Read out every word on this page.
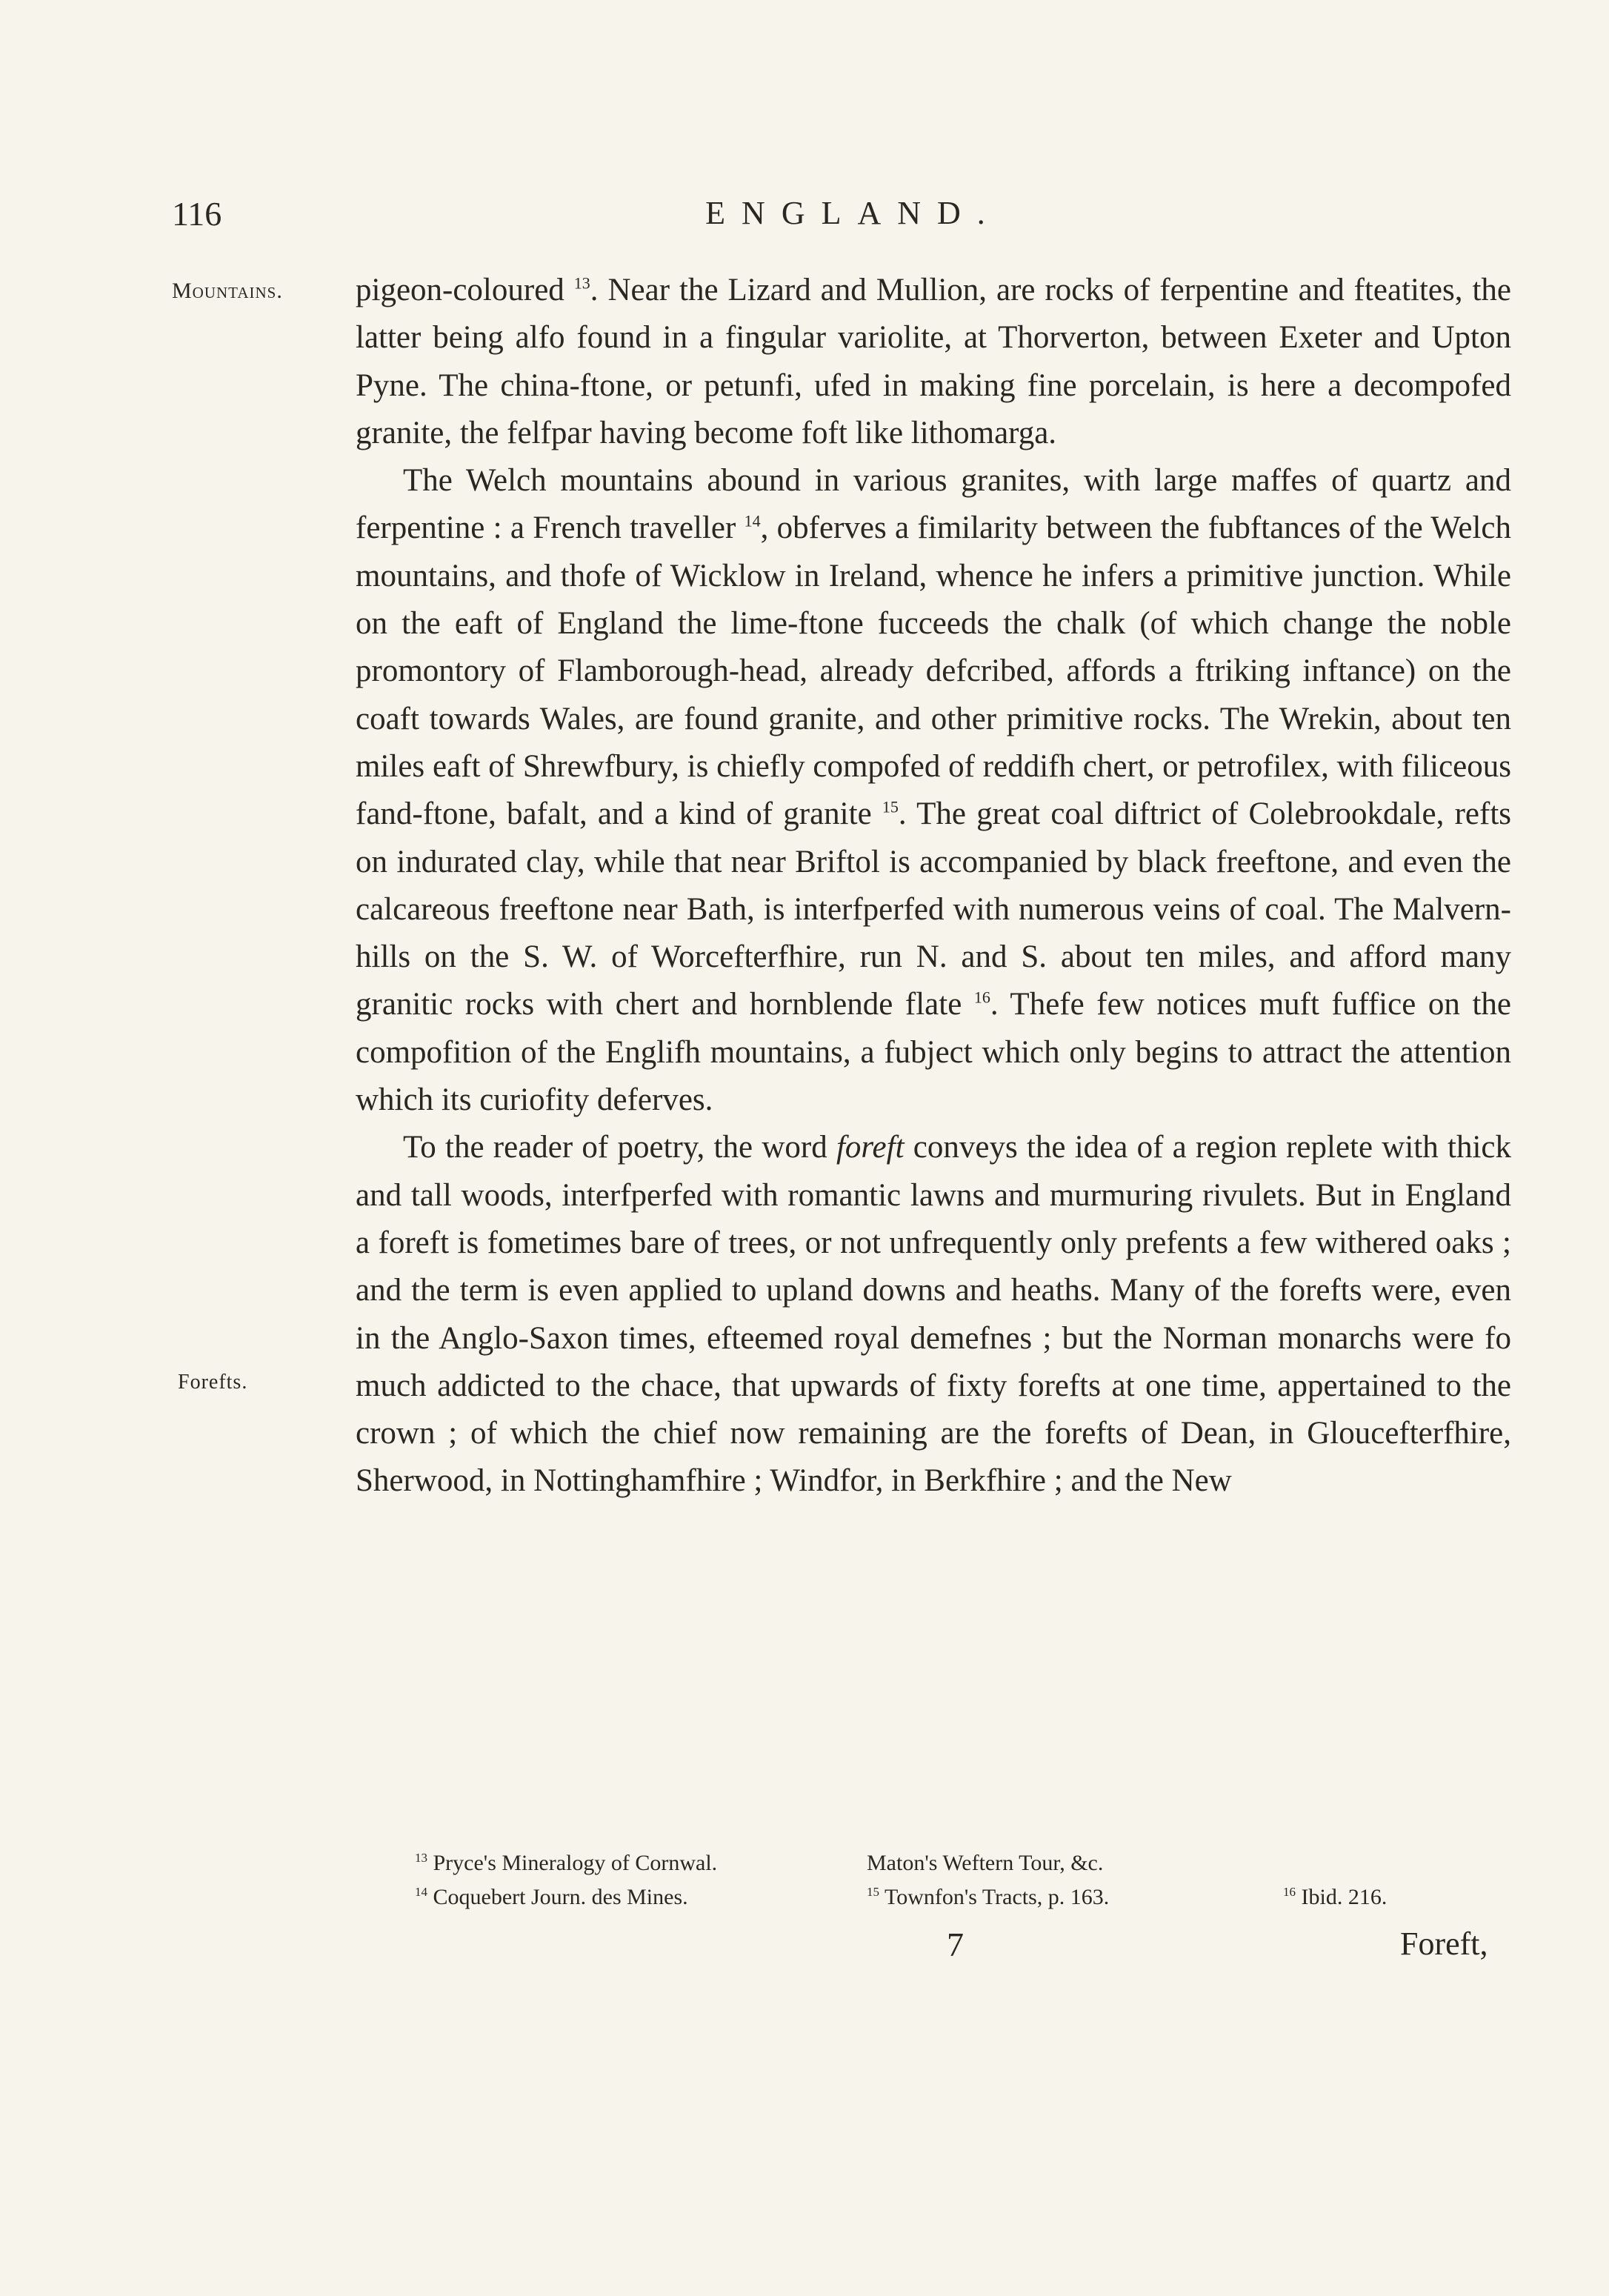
116	ENGLAND.
Mountains.
Forefts.

pigeon-coloured $^{13}$. Near the Lizard and Mullion, are rocks of ferpentine and fteatites, the latter being alfo found in a fingular variolite, at Thorverton, between Exeter and Upton Pyne. The china-ftone, or petunfi, ufed in making fine porcelain, is here a decompofed granite, the felfpar having become foft like lithomarga.

The Welch mountains abound in various granites, with large maffes of quartz and ferpentine : a French traveller $^{14}$, obferves a fimilarity between the fubftances of the Welch mountains, and thofe of Wicklow in Ireland, whence he infers a primitive junction. While on the eaft of England the lime-ftone fucceeds the chalk (of which change the noble promontory of Flamborough-head, already defcribed, affords a ftriking inftance) on the coaft towards Wales, are found granite, and other primitive rocks. The Wrekin, about ten miles eaft of Shrewfbury, is chiefly compofed of reddifh chert, or petrofilex, with filiceous fand-ftone, bafalt, and a kind of granite $^{15}$. The great coal diftrict of Colebrookdale, refts on indurated clay, while that near Briftol is accompanied by black freeftone, and even the calcareous freeftone near Bath, is interfperfed with numerous veins of coal. The Malvern-hills on the S. W. of Worcefterfhire, run N. and S. about ten miles, and afford many granitic rocks with chert and hornblende flate $^{16}$. Thefe few notices muft fuffice on the compofition of the Englifh mountains, a fubject which only begins to attract the attention which its curiofity deferves.

To the reader of poetry, the word foreft conveys the idea of a region replete with thick and tall woods, interfperfed with romantic lawns and murmuring rivulets. But in England a foreft is fometimes bare of trees, or not unfrequently only prefents a few withered oaks ; and the term is even applied to upland downs and heaths. Many of the forefts were, even in the Anglo-Saxon times, efteemed royal demefnes ; but the Norman monarchs were fo much addicted to the chace, that upwards of fixty forefts at one time, appertained to the crown ; of which the chief now remaining are the forefts of Dean, in Gloucefterfhire, Sherwood, in Nottinghamfhire ; Windfor, in Berkfhire ; and the New

$^{13}$ Pryce's Mineralogy of Cornwal.	Maton's Weftern Tour, &c.
$^{14}$ Coquebert Journ. des Mines.	$^{15}$ Townfon's Tracts, p. 163.	$^{16}$ Ibid. 216.
7	Foreft,
